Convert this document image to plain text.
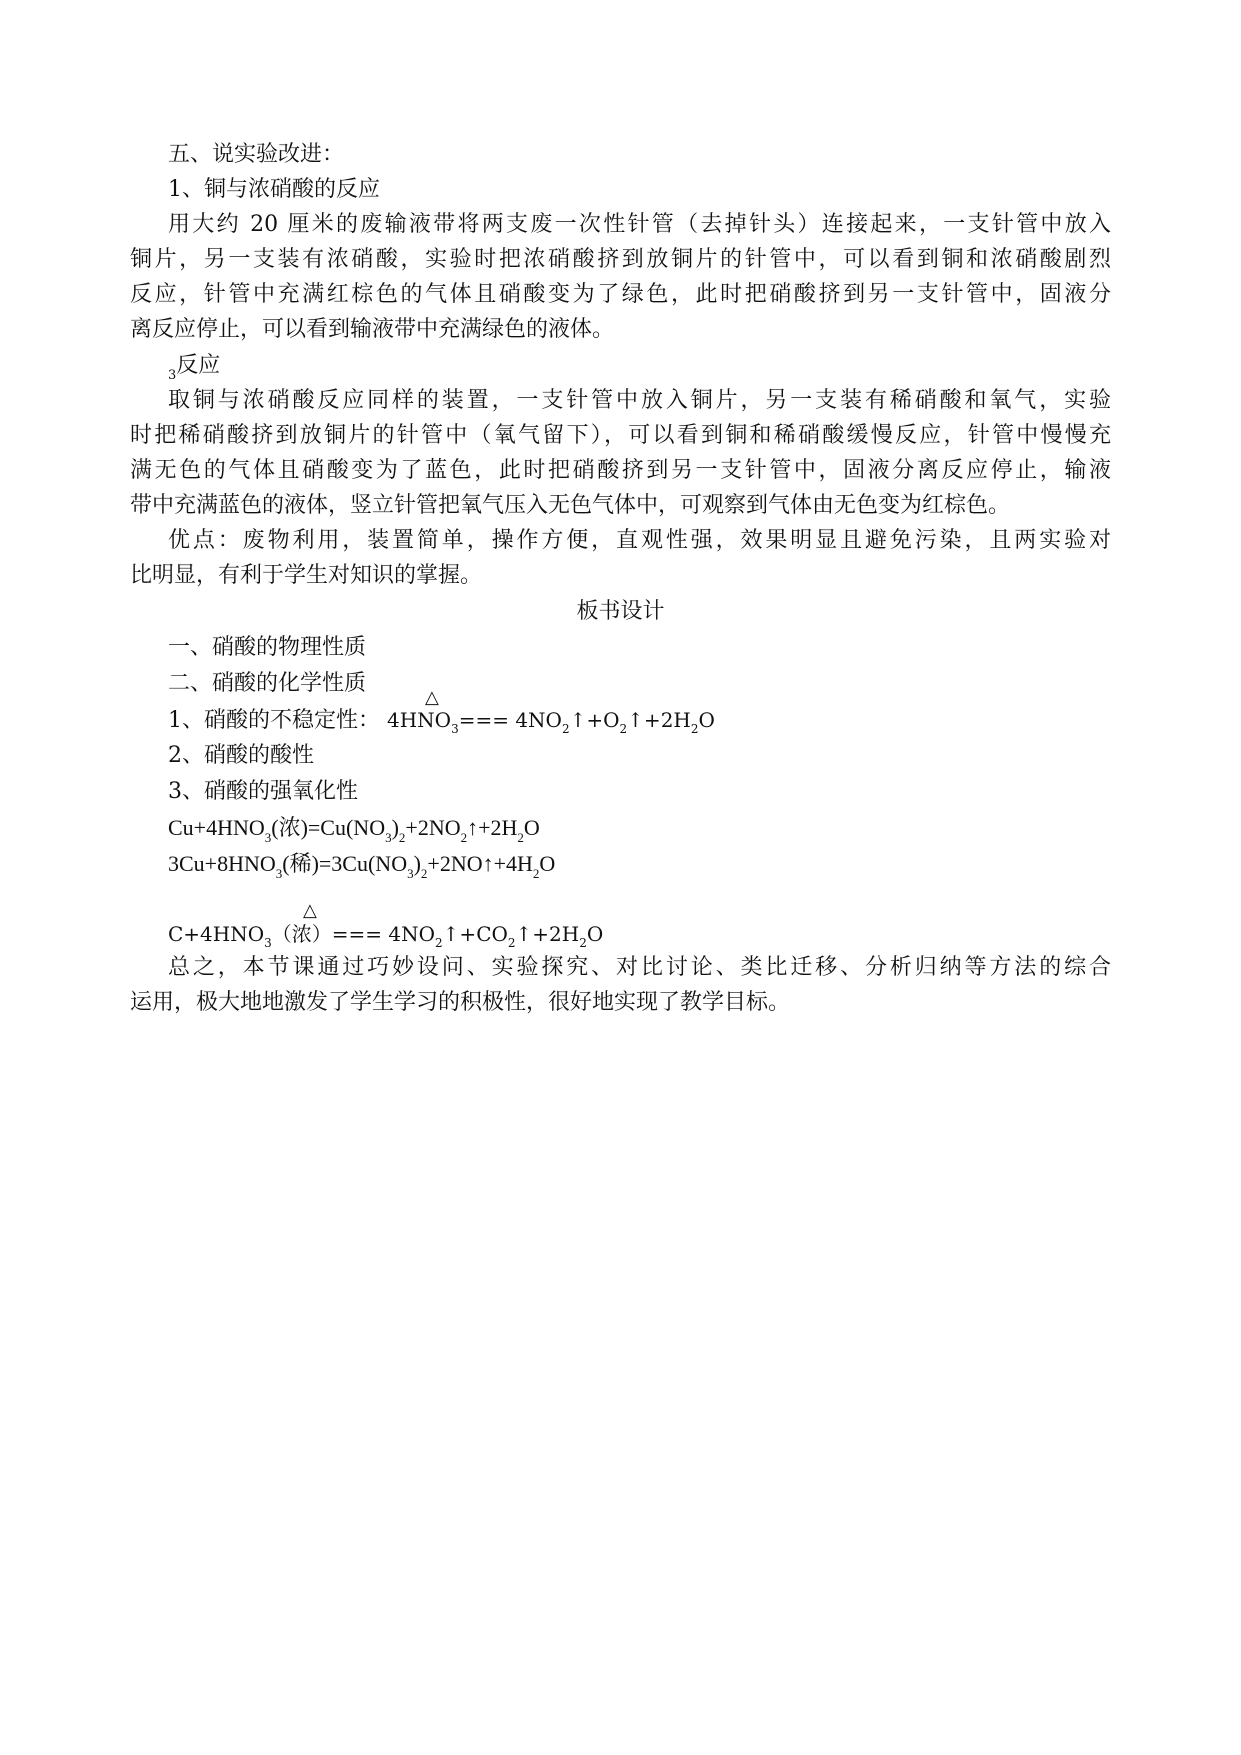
五、说实验改进：
1、铜与浓硝酸的反应
用大约 20 厘米的废输液带将两支废一次性针管（去掉针头）连接起来，一支针管中放入
铜片，另一支装有浓硝酸，实验时把浓硝酸挤到放铜片的针管中，可以看到铜和浓硝酸剧烈
反应，针管中充满红棕色的气体且硝酸变为了绿色，此时把硝酸挤到另一支针管中，固液分
离反应停止，可以看到输液带中充满绿色的液体。
$_3$反应
取铜与浓硝酸反应同样的装置，一支针管中放入铜片，另一支装有稀硝酸和氧气，实验
时把稀硝酸挤到放铜片的针管中（氧气留下），可以看到铜和稀硝酸缓慢反应，针管中慢慢充
满无色的气体且硝酸变为了蓝色，此时把硝酸挤到另一支针管中，固液分离反应停止，输液
带中充满蓝色的液体，竖立针管把氧气压入无色气体中，可观察到气体由无色变为红棕色。
优点：废物利用，装置简单，操作方便，直观性强，效果明显且避免污染，且两实验对
比明显，有利于学生对知识的掌握。
板书设计
一、硝酸的物理性质
二、硝酸的化学性质
△
1、硝酸的不稳定性： $4HNO_3===$ $4NO_2↑+O_2↑+2H_2O$
2、硝酸的酸性
3、硝酸的强氧化性
$Cu+4HNO_3$(浓)$=Cu(NO_3)_2+2NO_2↑+2H_2O$
$3Cu+8HNO_3$(稀)$=3Cu(NO_3)_2+2NO↑+4H_2O$
△
$C+4HNO_3$（浓）=== $4NO_2↑+CO_2↑+2H_2O$
总之，本节课通过巧妙设问、实验探究、对比讨论、类比迁移、分析归纳等方法的综合
运用，极大地地激发了学生学习的积极性，很好地实现了教学目标。
